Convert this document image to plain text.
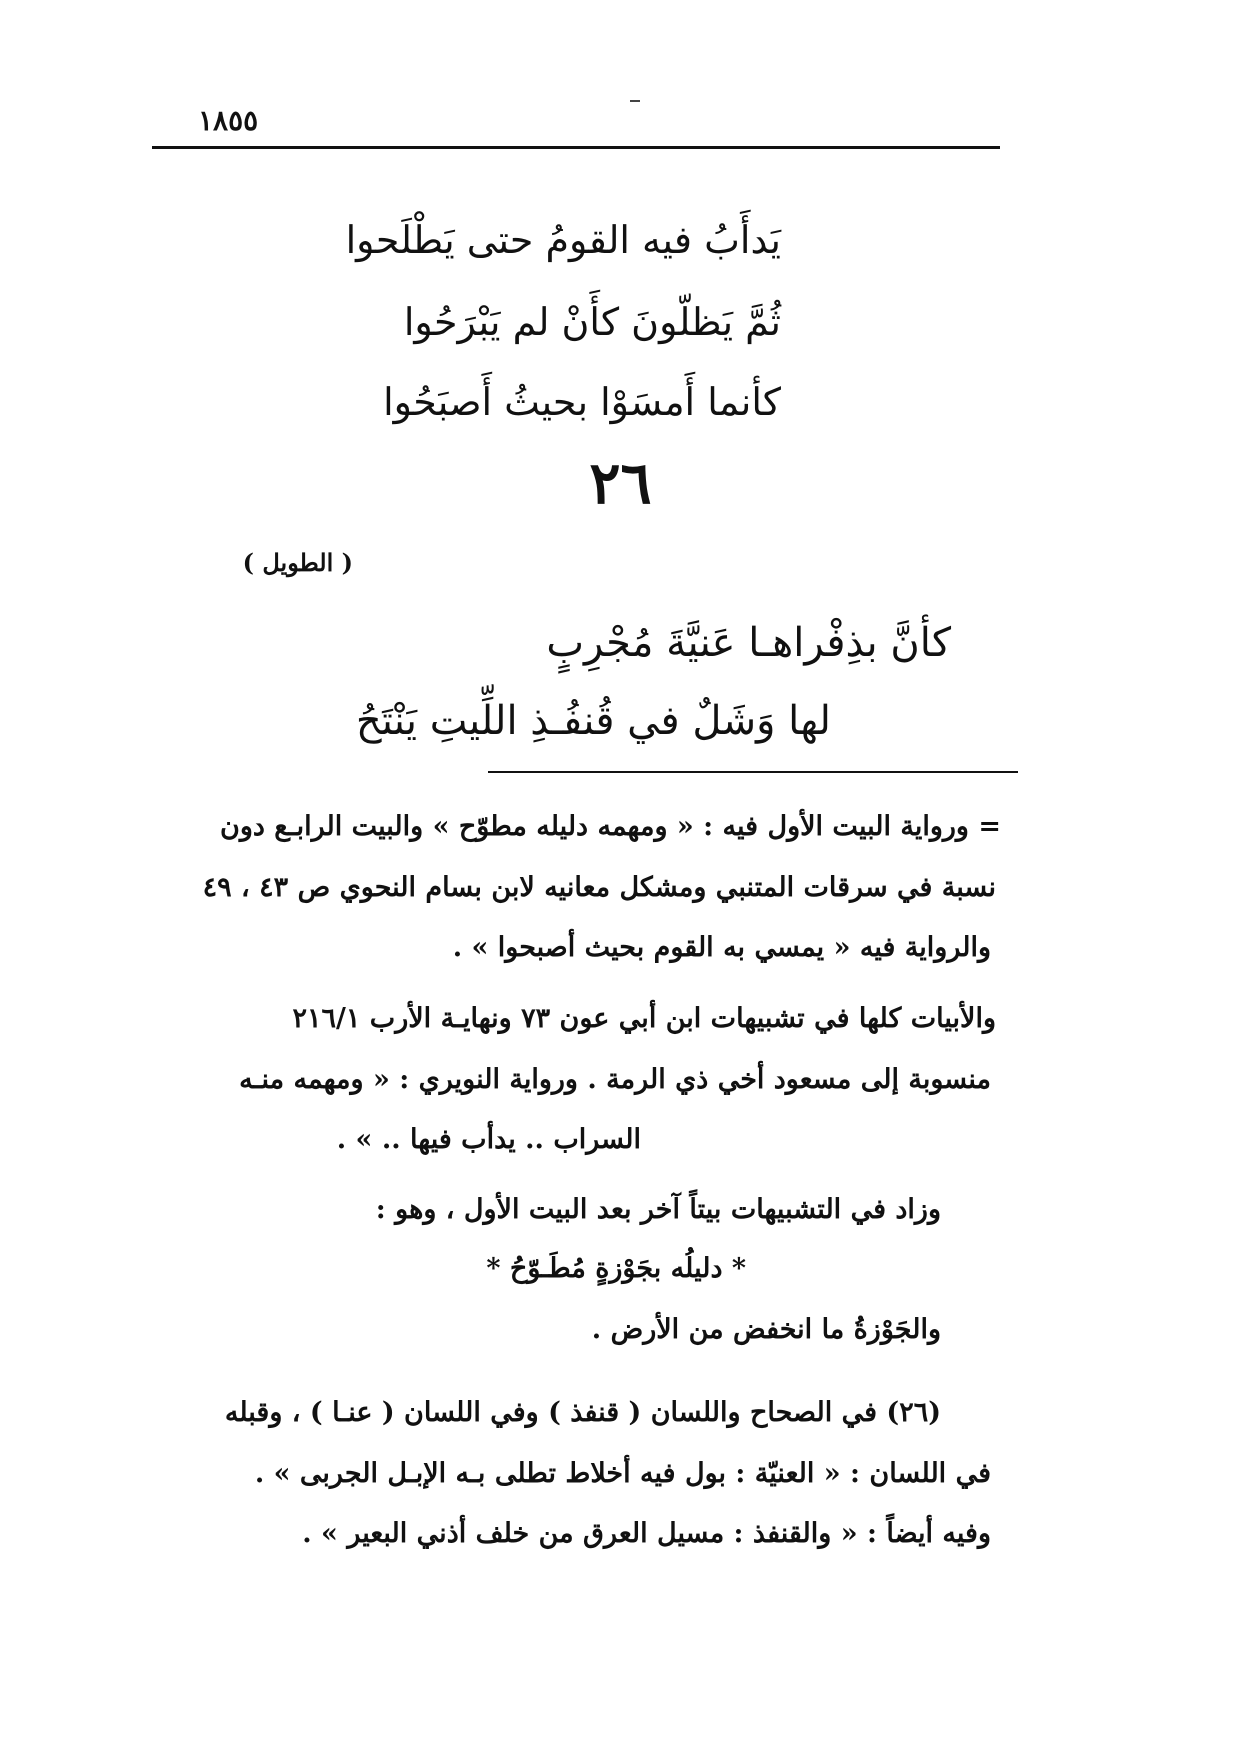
١٨٥٥
يَدأَبُ فيه القومُ حتى يَطْلَحوا
ثُمَّ يَظلّونَ كأَنْ لم يَبْرَحُوا
كأنما أَمسَوْا بحيثُ أَصبَحُوا
٢٦
( الطويل )
كأنَّ بذِفْراهـا عَنيَّةَ مُجْرِبٍ
لها وَشَلٌ في قُنفُـذِ اللِّيتِ يَنْتَحُ
= ورواية البيت الأول فيه : « ومهمه دليله مطوّح » والبيت الرابـع دون
نسبة في سرقات المتنبي ومشكل معانيه لابن بسام النحوي ص ٤٣ ، ٤٩
والرواية فيه « يمسي به القوم بحيث أصبحوا » .
والأبيات كلها في تشبيهات ابن أبي عون ٧٣ ونهايـة الأرب ٢١٦/١
منسوبة إلى مسعود أخي ذي الرمة . ورواية النويري : « ومهمه منـه
السراب .. يدأب فيها .. » .
وزاد في التشبيهات بيتاً آخر بعد البيت الأول ، وهو :
* دليلُه بجَوْزةٍ مُطَـوّحُ *
والجَوْزةُ ما انخفض من الأرض .
(٢٦) في الصحاح واللسان ( قنفذ ) وفي اللسان ( عنـا ) ، وقبله
في اللسان : « العنيّة : بول فيه أخلاط تطلى بـه الإبـل الجربى » .
وفيه أيضاً : « والقنفذ : مسيل العرق من خلف أذني البعير » .
